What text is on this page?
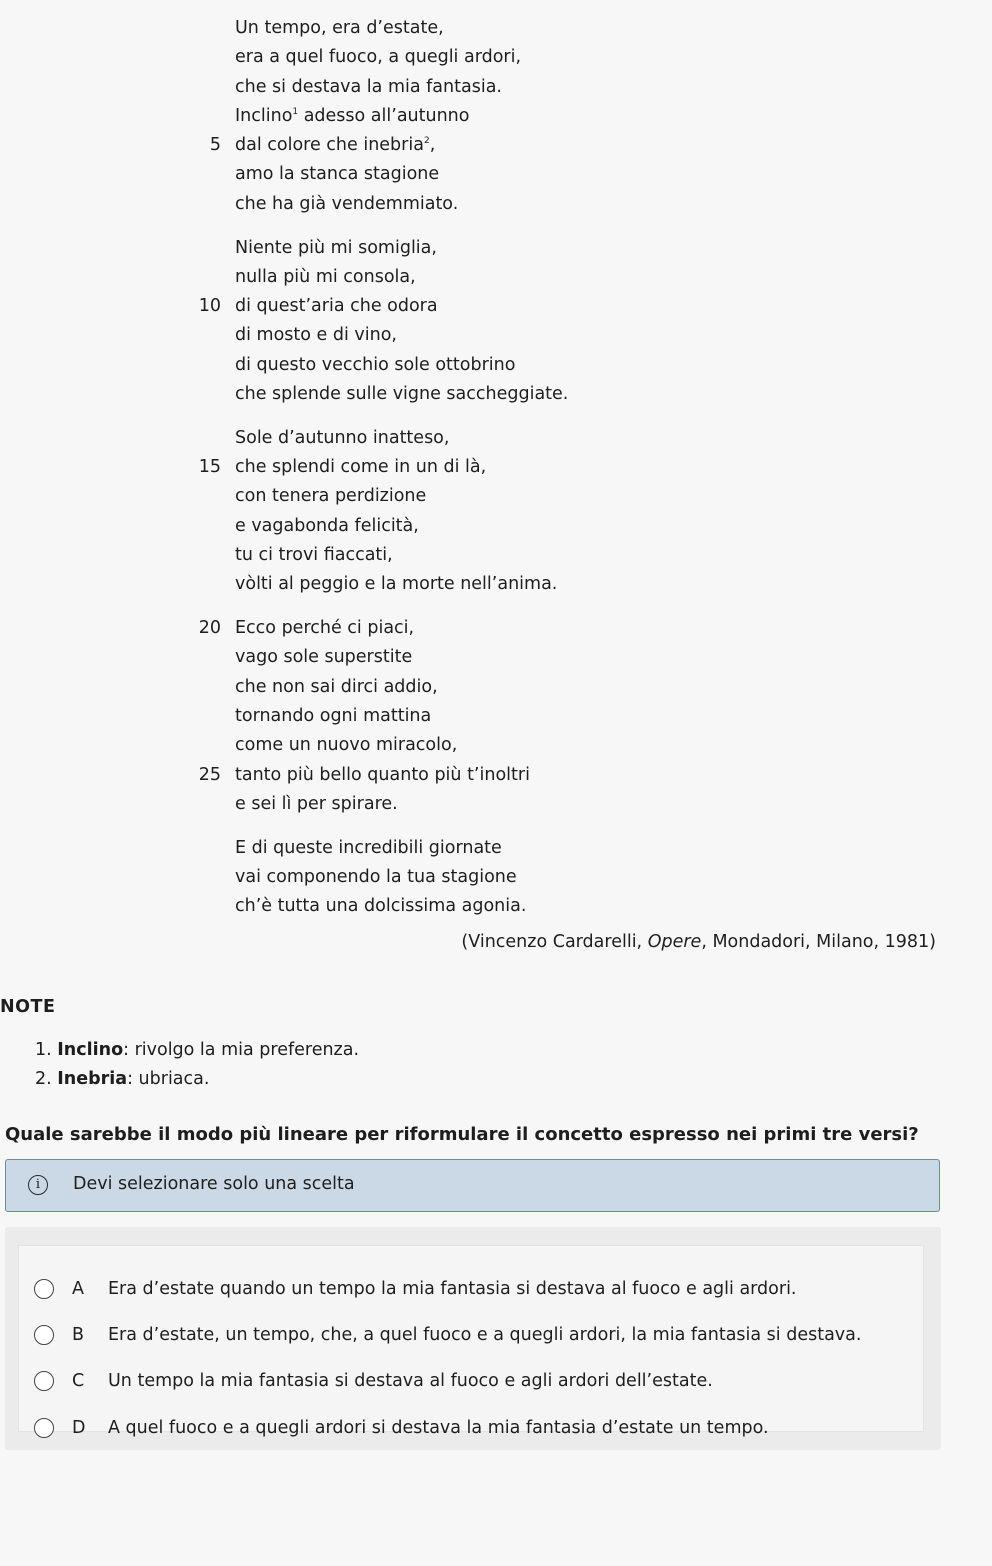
Un tempo, era d’estate,
era a quel fuoco, a quegli ardori,
che si destava la mia fantasia.
Inclino$^1$ adesso all’autunno
5 dal colore che inebria$^2$,
amo la stanca stagione
che ha già vendemmiato.
Niente più mi somiglia,
nulla più mi consola,
10 di quest’aria che odora
di mosto e di vino,
di questo vecchio sole ottobrino
che splende sulle vigne saccheggiate.
Sole d’autunno inatteso,
15 che splendi come in un di là,
con tenera perdizione
e vagabonda felicità,
tu ci trovi fiaccati,
vòlti al peggio e la morte nell’anima.
20 Ecco perché ci piaci,
vago sole superstite
che non sai dirci addio,
tornando ogni mattina
come un nuovo miracolo,
25 tanto più bello quanto più t’inoltri
e sei lì per spirare.
E di queste incredibili giornate
vai componendo la tua stagione
ch’è tutta una dolcissima agonia.
(Vincenzo Cardarelli, Opere, Mondadori, Milano, 1981)
NOTE
1. Inclino: rivolgo la mia preferenza.
2. Inebria: ubriaca.
Quale sarebbe il modo più lineare per riformulare il concetto espresso nei primi tre versi?
i	Devi selezionare solo una scelta
A Era d’estate quando un tempo la mia fantasia si destava al fuoco e agli ardori.
B Era d’estate, un tempo, che, a quel fuoco e a quegli ardori, la mia fantasia si destava.
C Un tempo la mia fantasia si destava al fuoco e agli ardori dell’estate.
D A quel fuoco e a quegli ardori si destava la mia fantasia d’estate un tempo.
